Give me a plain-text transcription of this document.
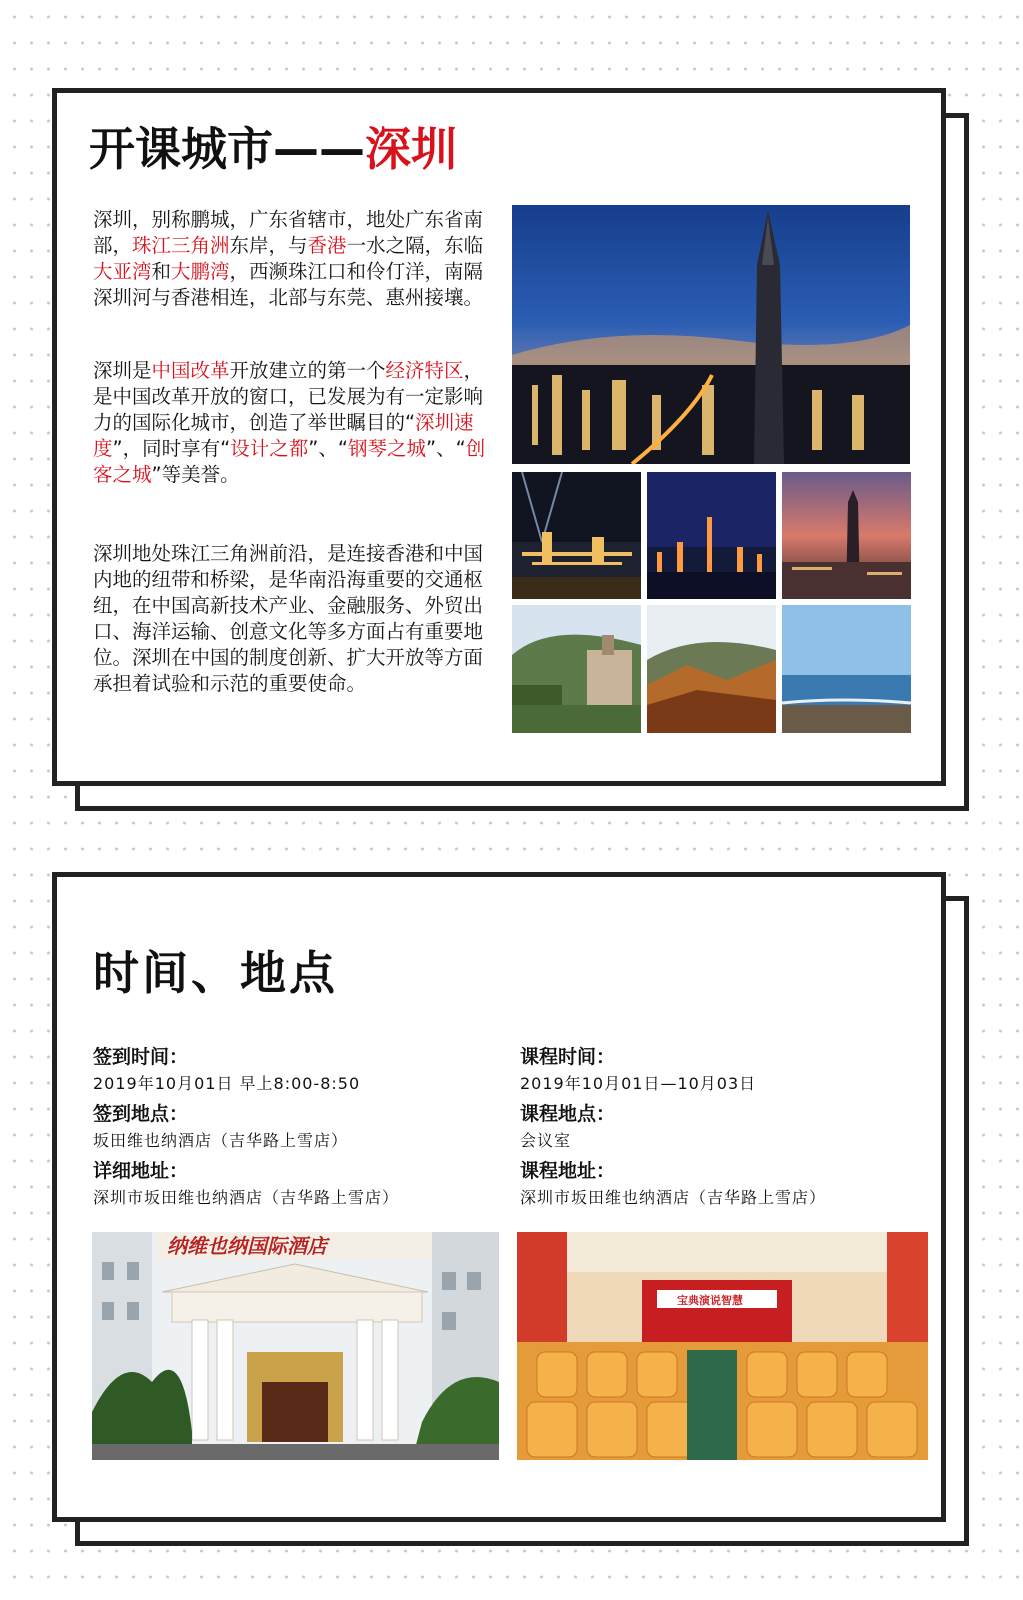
开课城市——深圳

深圳，别称鹏城，广东省辖市，地处广东省南部，珠江三角洲东岸，与香港一水之隔，东临大亚湾和大鹏湾，西濒珠江口和伶仃洋，南隔深圳河与香港相连，北部与东莞、惠州接壤。

深圳是中国改革开放建立的第一个经济特区，是中国改革开放的窗口，已发展为有一定影响力的国际化城市，创造了举世瞩目的“深圳速度”，同时享有“设计之都”、“钢琴之城”、“创客之城”等美誉。

深圳地处珠江三角洲前沿，是连接香港和中国内地的纽带和桥梁，是华南沿海重要的交通枢纽，在中国高新技术产业、金融服务、外贸出口、海洋运输、创意文化等多方面占有重要地位。深圳在中国的制度创新、扩大开放等方面承担着试验和示范的重要使命。

时间、地点
签到时间：
2019年10月01日 早上8:00-8:50
签到地点：
坂田维也纳酒店（吉华路上雪店）
详细地址：
深圳市坂田维也纳酒店（吉华路上雪店）
课程时间：
2019年10月01日—10月03日
课程地点：
会议室
课程地址：
深圳市坂田维也纳酒店（吉华路上雪店）
纳维也纳国际酒店
宝典演说智慧
